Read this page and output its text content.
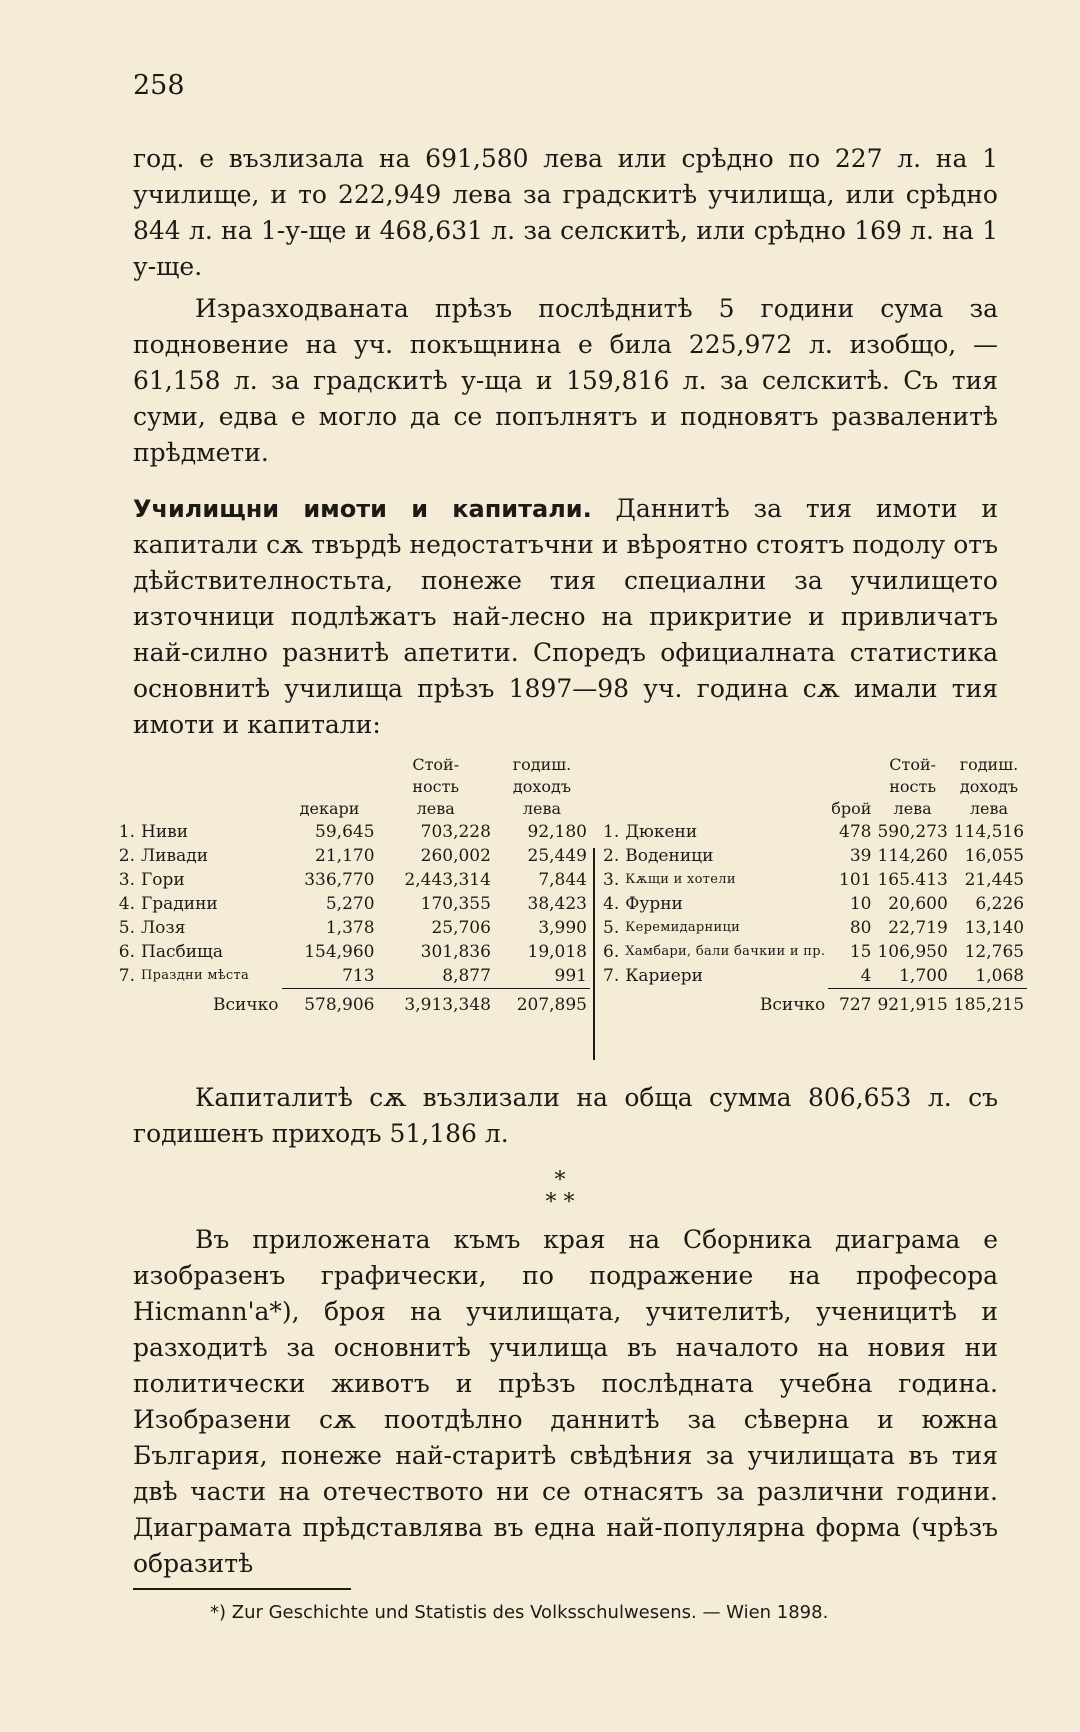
258

год. е възлизала на 691,580 лева или срѣдно по 227 л. на 1 училище, и то 222,949 лева за градскитѣ училища, или срѣдно 844 л. на 1-у-ще и 468,631 л. за селскитѣ, или срѣдно 169 л. на 1 у-ще.

Изразходваната прѣзъ послѣднитѣ 5 години сума за поднoвение на уч. покъщнина е била 225,972 л. изобщо, — 61,158 л. за градскитѣ у-ща и 159,816 л. за селскитѣ. Съ тия суми, едва е могло да се попълнятъ и подновятъ развaленитѣ прѣдмети.

Училищни имоти и капитали. Даннитѣ за тия имоти и капитали сѫ твърдѣ недостатъчни и вѣроятно стоятъ подолу отъ дѣйствителностьта, понеже тия специални за училището източници подлѣжатъ най-лесно на прикритие и привличатъ най-силно разнитѣ апетити. Споредъ официалната статистика основнитѣ училища прѣзъ 1897—98 уч. година сѫ имали тия имоти и капитали:

			Стой-
ность	годиш.
доходъ
		декари	лева	лева
1.	Ниви	59,645	703,228	92,180
2.	Ливади	21,170	260,002	25,449
3.	Гори	336,770	2,443,314	7,844
4.	Градини	5,270	170,355	38,423
5.	Лозя	1,378	25,706	3,990
6.	Пасбища	154,960	301,836	19,018
7.	Праздни мѣста	713	8,877	991
	Всичко	578,906	3,913,348	207,895
			Стой-
ность	годиш.
доходъ
		брой	лева	лева
1.	Дюкени	478	590,273	114,516
2.	Воденици	39	114,260	16,055
3.	Кѫщи и хотели	101	165.413	21,445
4.	Фурни	10	20,600	6,226
5.	Керемидарници	80	22,719	13,140
6.	Хамбари, бали бачкии и пр.	15	106,950	12,765
7.	Кариери	4	1,700	1,068
	Всичко	727	921,915	185,215

Капиталитѣ сѫ възлизали на обща сумма 806,653 л. съ годишенъ приходъ 51,186 л.

*
* *

Въ приложената къмъ края на Сборника диаграма е изобразенъ графически, по подражение на професора Hicmann'a*), броя на училищата, учителитѣ, ученицитѣ и разходитѣ за основнитѣ училища въ началото на новия ни политически животъ и прѣзъ послѣдната учебна година. Изобразени сѫ поотдѣлно даннитѣ за сѣверна и южна България, понеже най-старитѣ свѣдѣния за училищата въ тия двѣ части на отечеството ни се отнасятъ за различни години. Диаграмата прѣдставлява въ една най-популярна форма (чрѣзъ образитѣ

*) Zur Geschichte und Statistis des Volksschulwesens. — Wien 1898.
